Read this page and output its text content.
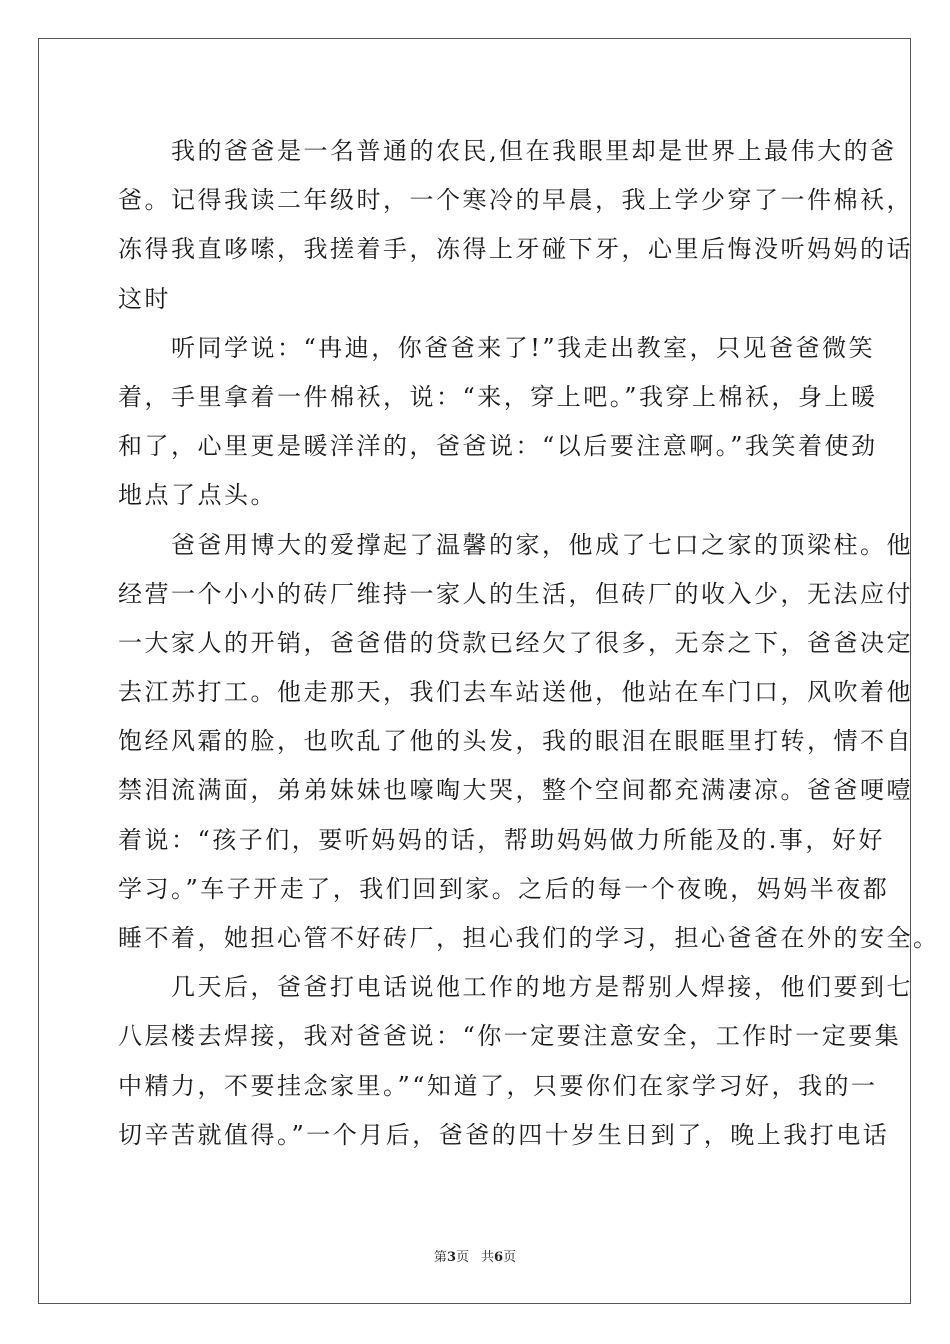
　　我的爸爸是一名普通的农民,但在我眼里却是世界上最伟大的爸
爸。记得我读二年级时，一个寒冷的早晨，我上学少穿了一件棉袄，
冻得我直哆嗦，我搓着手，冻得上牙碰下牙，心里后悔没听妈妈的话
这时
　　听同学说：“冉迪，你爸爸来了!”我走出教室，只见爸爸微笑
着，手里拿着一件棉袄，说：“来，穿上吧。”我穿上棉袄，身上暖
和了，心里更是暖洋洋的，爸爸说：“以后要注意啊。”我笑着使劲
地点了点头。
　　爸爸用博大的爱撑起了温馨的家，他成了七口之家的顶梁柱。他
经营一个小小的砖厂维持一家人的生活，但砖厂的收入少，无法应付
一大家人的开销，爸爸借的贷款已经欠了很多，无奈之下，爸爸决定
去江苏打工。他走那天，我们去车站送他，他站在车门口，风吹着他
饱经风霜的脸，也吹乱了他的头发，我的眼泪在眼眶里打转，情不自
禁泪流满面，弟弟妹妹也嚎啕大哭，整个空间都充满凄凉。爸爸哽噎
着说：“孩子们，要听妈妈的话，帮助妈妈做力所能及的.事，好好
学习。”车子开走了，我们回到家。之后的每一个夜晚，妈妈半夜都
睡不着，她担心管不好砖厂，担心我们的学习，担心爸爸在外的安全。
　　几天后，爸爸打电话说他工作的地方是帮别人焊接，他们要到七
八层楼去焊接，我对爸爸说：“你一定要注意安全，工作时一定要集
中精力，不要挂念家里。”“知道了，只要你们在家学习好，我的一
切辛苦就值得。”一个月后，爸爸的四十岁生日到了，晚上我打电话
第3页 共6页
